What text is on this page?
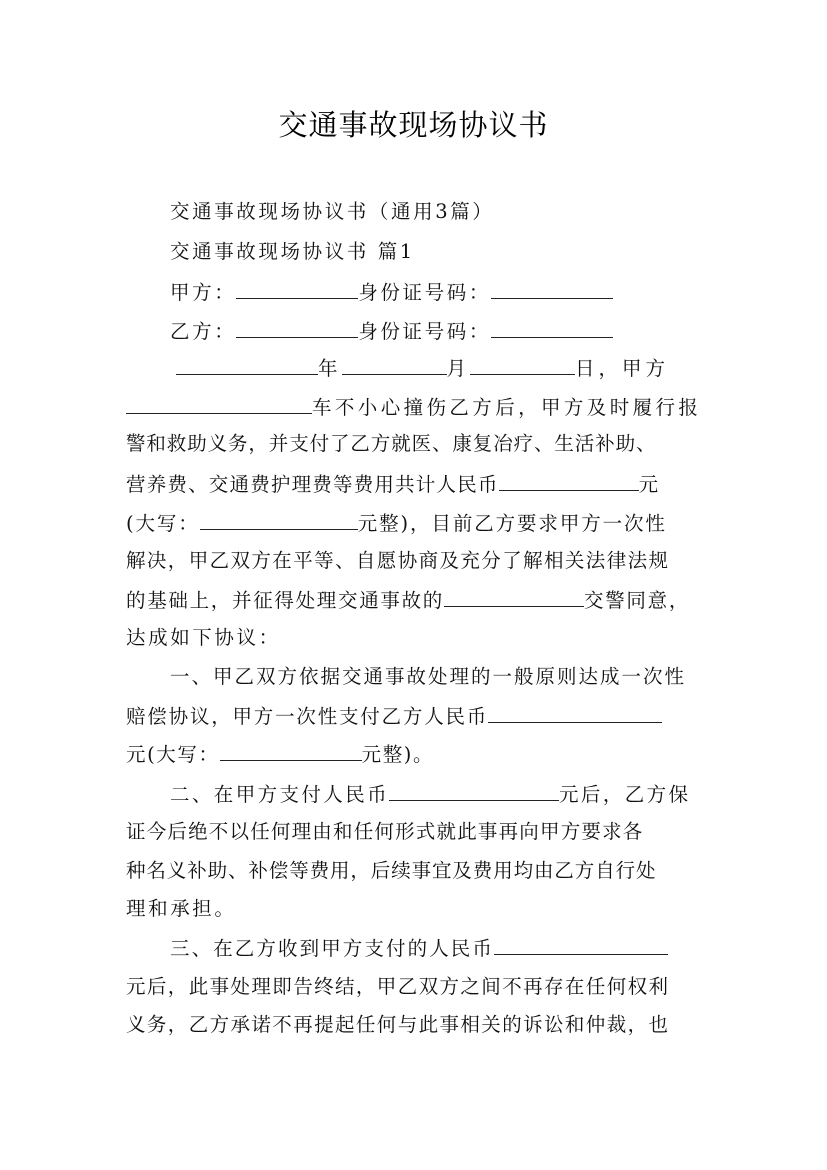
交通事故现场协议书
交通事故现场协议书（通用3篇）
交通事故现场协议书 篇1
甲方：	身份证号码：
乙方：	身份证号码：
年	月	日，甲方
车不小心撞伤乙方后，甲方及时履行报
警和救助义务，并支付了乙方就医、康复冶疗、生活补助、
营养费、交通费护理费等费用共计人民币	元
(大写：	元整)，目前乙方要求甲方一次性
解决，甲乙双方在平等、自愿协商及充分了解相关法律法规
的基础上，并征得处理交通事故的	交警同意，
达成如下协议：
一、甲乙双方依据交通事故处理的一般原则达成一次性
赔偿协议，甲方一次性支付乙方人民币
元(大写：	元整)。
二、在甲方支付人民币	元后，乙方保
证今后绝不以任何理由和任何形式就此事再向甲方要求各
种名义补助、补偿等费用，后续事宜及费用均由乙方自行处
理和承担。
三、在乙方收到甲方支付的人民币
元后，此事处理即告终结，甲乙双方之间不再存在任何权利
义务，乙方承诺不再提起任何与此事相关的诉讼和仲裁，也
